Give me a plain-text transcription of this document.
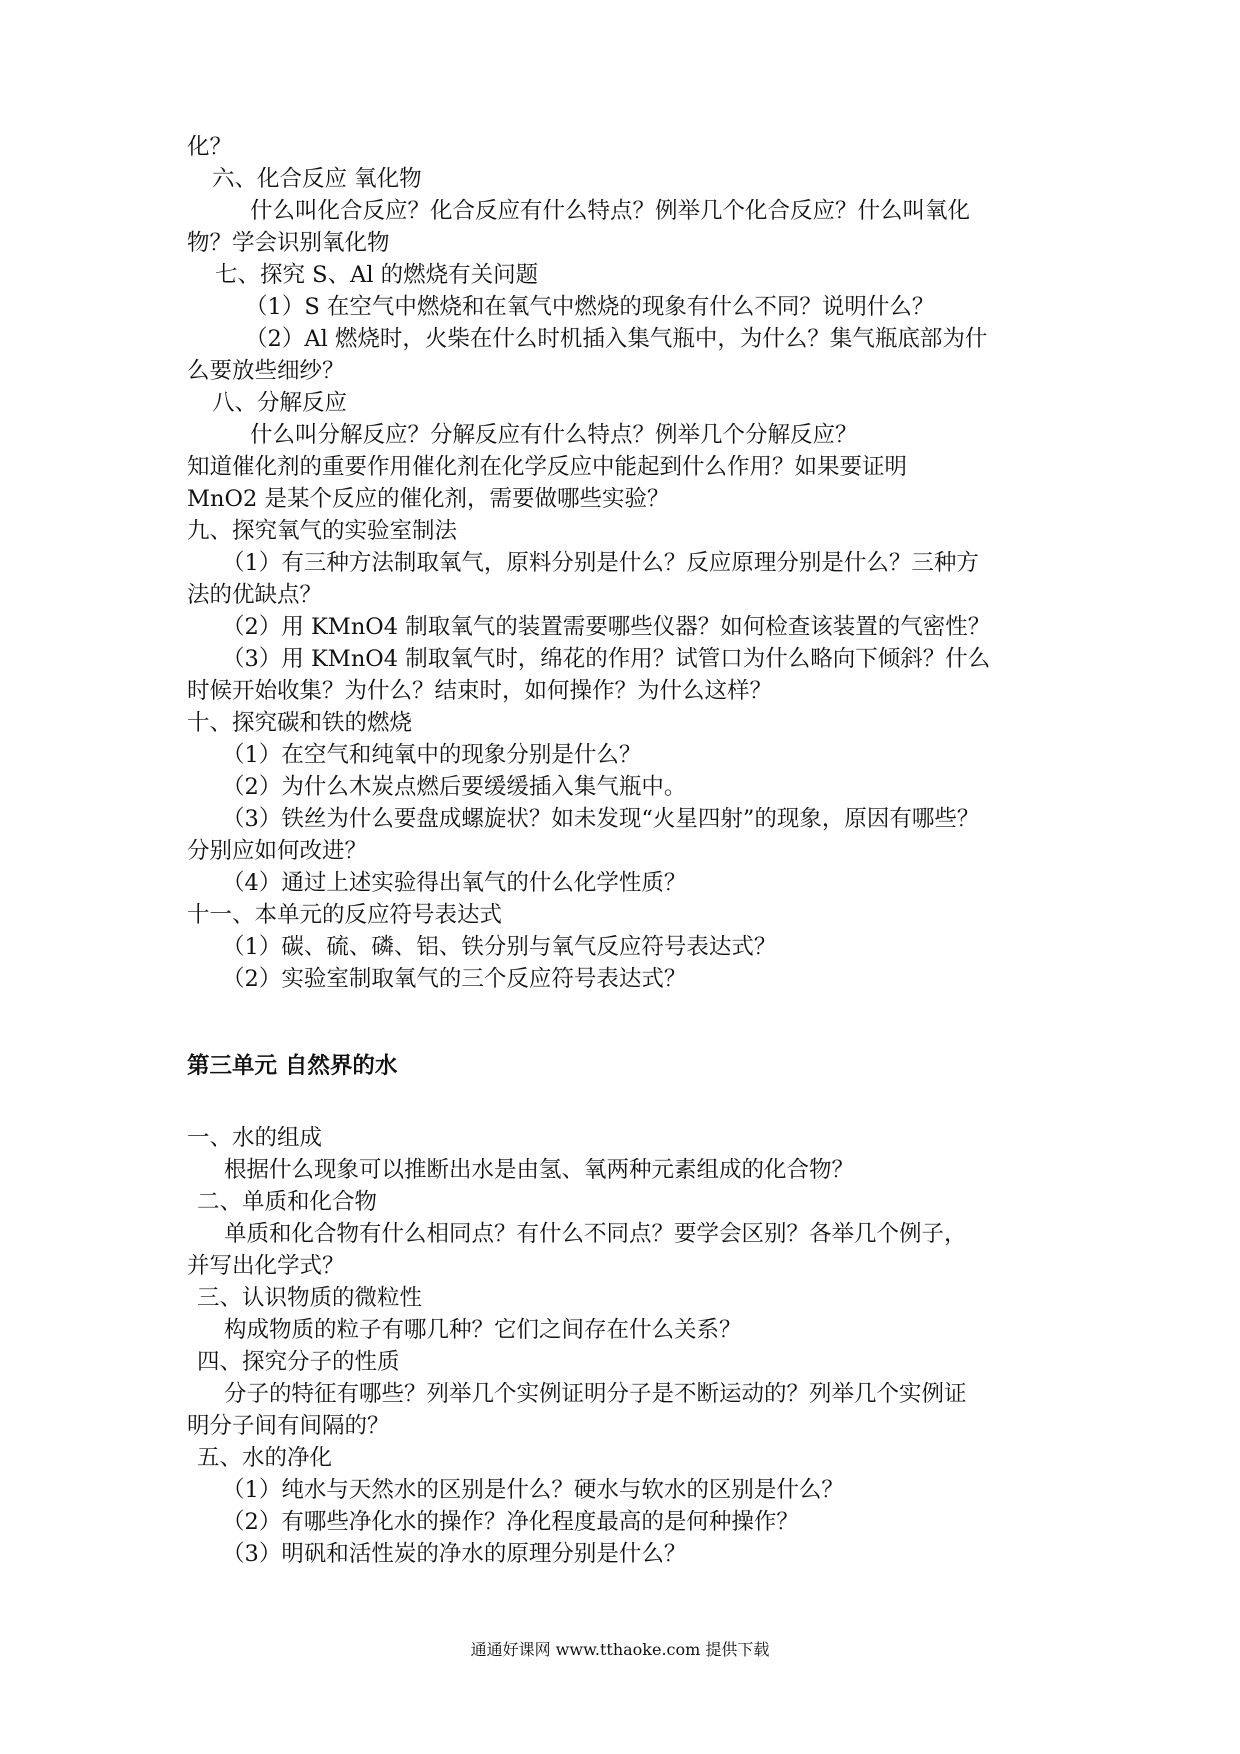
化？

六、化合反应 氧化物

什么叫化合反应？化合反应有什么特点？例举几个化合反应？什么叫氧化

物？学会识别氧化物

七、探究 S、Al 的燃烧有关问题

（1）S 在空气中燃烧和在氧气中燃烧的现象有什么不同？说明什么？

（2）Al 燃烧时，火柴在什么时机插入集气瓶中，为什么？集气瓶底部为什

么要放些细纱？

八、分解反应

什么叫分解反应？分解反应有什么特点？例举几个分解反应？

知道催化剂的重要作用催化剂在化学反应中能起到什么作用？如果要证明

MnO2 是某个反应的催化剂，需要做哪些实验？

九、探究氧气的实验室制法

（1）有三种方法制取氧气，原料分别是什么？反应原理分别是什么？三种方

法的优缺点？

（2）用 KMnO4 制取氧气的装置需要哪些仪器？如何检查该装置的气密性？

（3）用 KMnO4 制取氧气时，绵花的作用？试管口为什么略向下倾斜？什么

时候开始收集？为什么？结束时，如何操作？为什么这样？

十、探究碳和铁的燃烧

（1）在空气和纯氧中的现象分别是什么？

（2）为什么木炭点燃后要缓缓插入集气瓶中。

（3）铁丝为什么要盘成螺旋状？如未发现“火星四射”的现象，原因有哪些？

分别应如何改进？

（4）通过上述实验得出氧气的什么化学性质？

十一、本单元的反应符号表达式

（1）碳、硫、磷、铝、铁分别与氧气反应符号表达式？

（2）实验室制取氧气的三个反应符号表达式？

第三单元 自然界的水

一、水的组成

根据什么现象可以推断出水是由氢、氧两种元素组成的化合物？

二、单质和化合物

单质和化合物有什么相同点？有什么不同点？要学会区别？各举几个例子，

并写出化学式？

三、认识物质的微粒性

构成物质的粒子有哪几种？它们之间存在什么关系？

四、探究分子的性质

分子的特征有哪些？列举几个实例证明分子是不断运动的？列举几个实例证

明分子间有间隔的？

五、水的净化

（1）纯水与天然水的区别是什么？硬水与软水的区别是什么？

（2）有哪些净化水的操作？净化程度最高的是何种操作？

（3）明矾和活性炭的净水的原理分别是什么？

通通好课网 www.tthaoke.com 提供下载
